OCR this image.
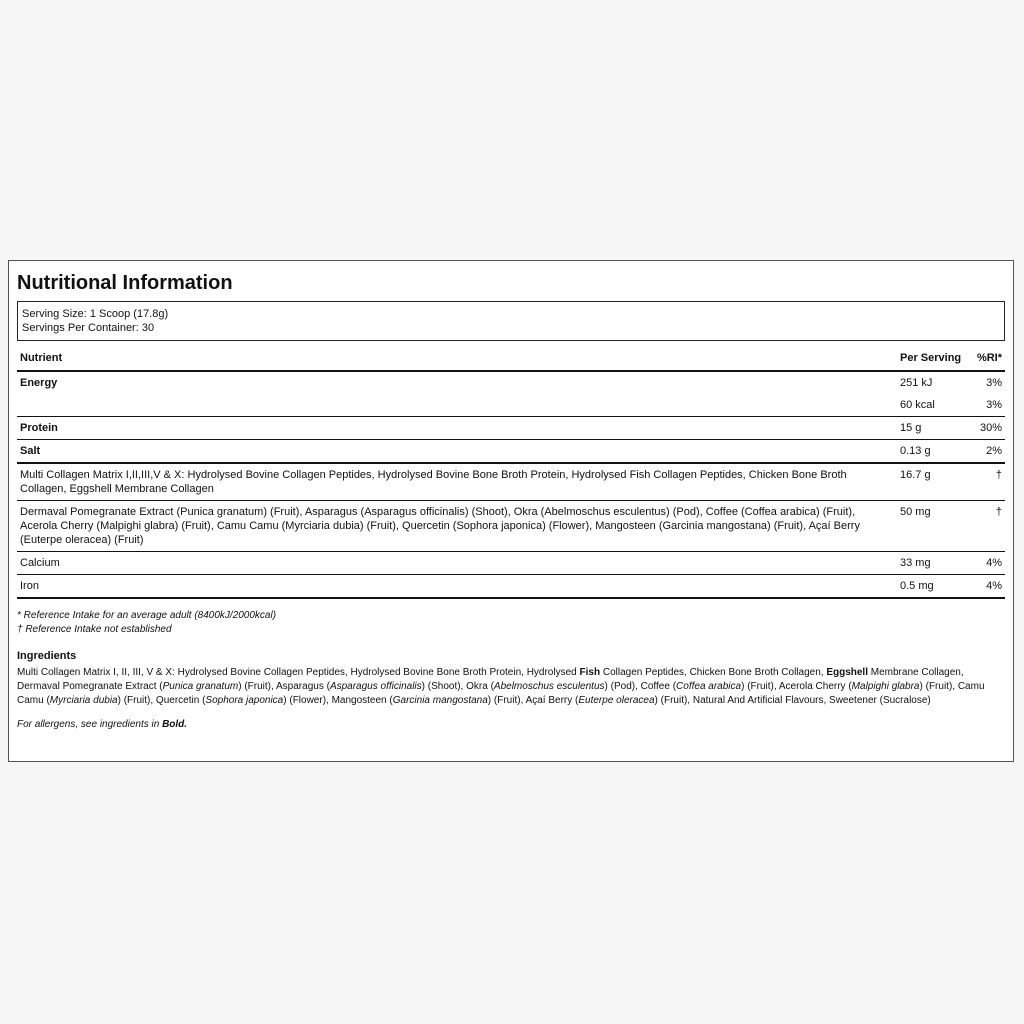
Nutritional Information
Serving Size: 1 Scoop (17.8g)
Servings Per Container: 30
Nutrient	Per Serving	%RI*
Energy	251 kJ	3%
	60 kcal	3%
Protein	15 g	30%
Salt	0.13 g	2%
Multi Collagen Matrix I,II,III,V & X: Hydrolysed Bovine Collagen Peptides, Hydrolysed Bovine Bone Broth Protein, Hydrolysed Fish Collagen Peptides, Chicken Bone Broth Collagen, Eggshell Membrane Collagen	16.7 g	†
Dermaval Pomegranate Extract (Punica granatum) (Fruit), Asparagus (Asparagus officinalis) (Shoot), Okra (Abelmoschus esculentus) (Pod), Coffee (Coffea arabica) (Fruit), Acerola Cherry (Malpighi glabra) (Fruit), Camu Camu (Myrciaria dubia) (Fruit), Quercetin (Sophora japonica) (Flower), Mangosteen (Garcinia mangostana) (Fruit), Açaí Berry (Euterpe oleracea) (Fruit)	50 mg	†
Calcium	33 mg	4%
Iron	0.5 mg	4%
* Reference Intake for an average adult (8400kJ/2000kcal)
† Reference Intake not established
Ingredients
Multi Collagen Matrix I, II, III, V & X: Hydrolysed Bovine Collagen Peptides, Hydrolysed Bovine Bone Broth Protein, Hydrolysed Fish Collagen Peptides, Chicken Bone Broth Collagen, Eggshell Membrane Collagen, Dermaval Pomegranate Extract (Punica granatum) (Fruit), Asparagus (Asparagus officinalis) (Shoot), Okra (Abelmoschus esculentus) (Pod), Coffee (Coffea arabica) (Fruit), Acerola Cherry (Malpighi glabra) (Fruit), Camu Camu (Myrciaria dubia) (Fruit), Quercetin (Sophora japonica) (Flower), Mangosteen (Garcinia mangostana) (Fruit), Açaí Berry (Euterpe oleracea) (Fruit), Natural And Artificial Flavours, Sweetener (Sucralose)
For allergens, see ingredients in Bold.
